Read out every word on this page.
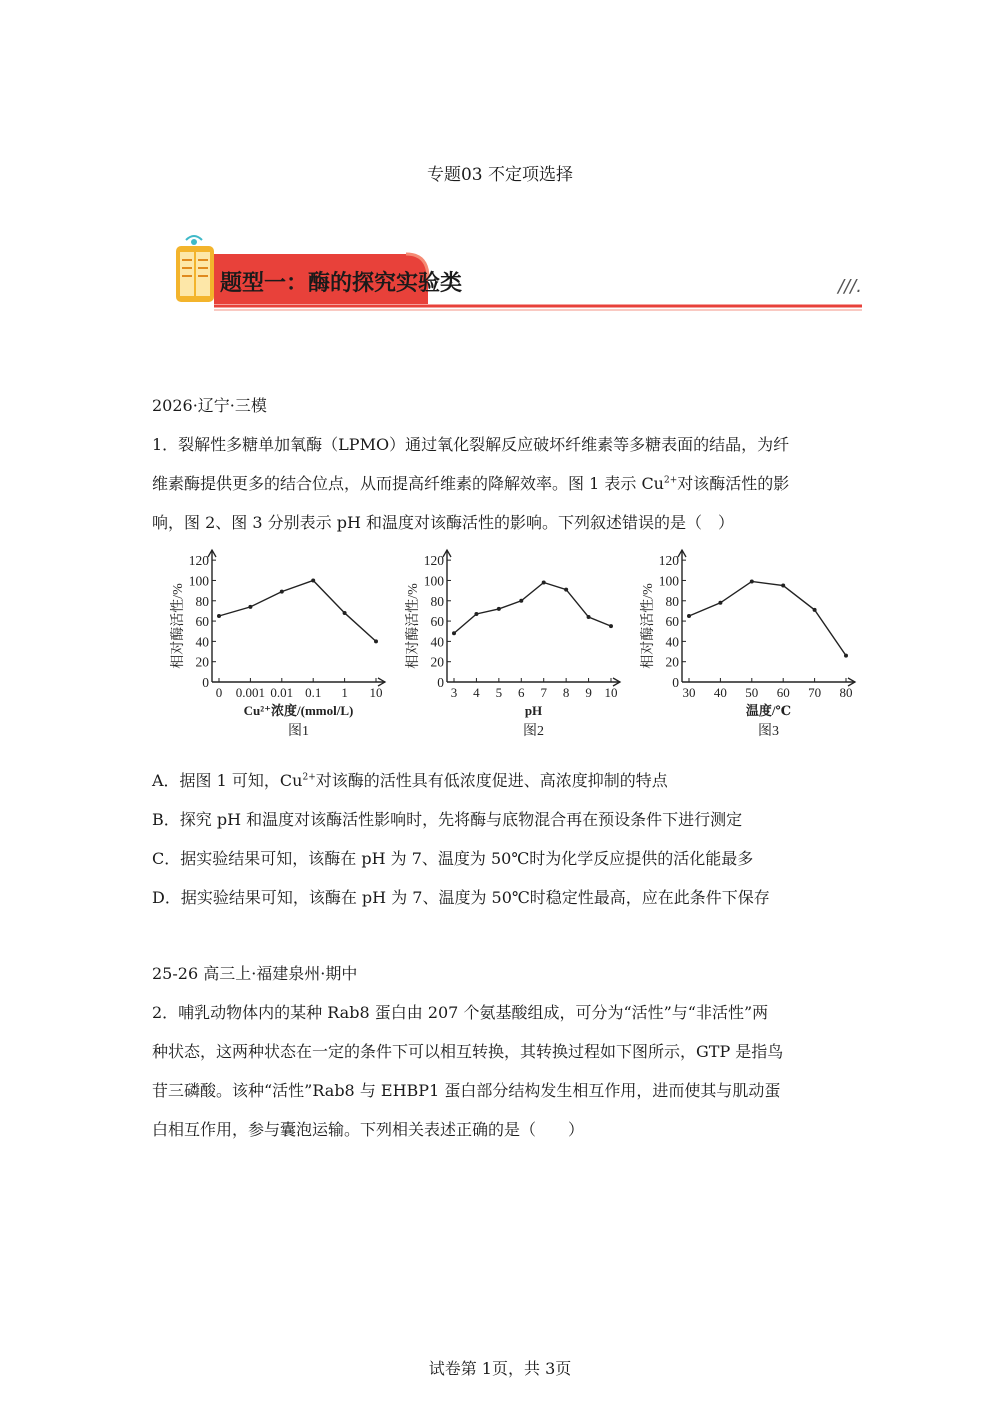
专题03 不定项选择
题型一：酶的探究实验类	///.
2026·辽宁·三模
1．裂解性多糖单加氧酶（LPMO）通过氧化裂解反应破坏纤维素等多糖表面的结晶，为纤
维素酶提供更多的结合位点，从而提高纤维素的降解效率。图 1 表示 $Cu^{2+}$对该酶活性的影
响，图 2、图 3 分别表示 pH 和温度对该酶活性的影响。下列叙述错误的是（　）
0
20
40
60
80
100
120
0 0.001 0.01 0.1 1 10
相对酶活性/%
Cu²⁺浓度/(mmol/L)
图1
0
20
40
60
80
100
120
3 4 5 6 7 8 9 10
相对酶活性/%
pH
图2
0
20
40
60
80
100
120
30 40 50 60 70 80
相对酶活性/%
温度/℃
图3
A．据图 1 可知，$Cu^{2+}$对该酶的活性具有低浓度促进、高浓度抑制的特点
B．探究 pH 和温度对该酶活性影响时，先将酶与底物混合再在预设条件下进行测定
C．据实验结果可知，该酶在 pH 为 7、温度为 50℃时为化学反应提供的活化能最多
D．据实验结果可知，该酶在 pH 为 7、温度为 50℃时稳定性最高，应在此条件下保存
25-26 高三上·福建泉州·期中
2．哺乳动物体内的某种 Rab8 蛋白由 207 个氨基酸组成，可分为“活性”与“非活性”两
种状态，这两种状态在一定的条件下可以相互转换，其转换过程如下图所示，GTP 是指鸟
苷三磷酸。该种“活性”Rab8 与 EHBP1 蛋白部分结构发生相互作用，进而使其与肌动蛋
白相互作用，参与囊泡运输。下列相关表述正确的是（　　）
试卷第 1页，共 3页
